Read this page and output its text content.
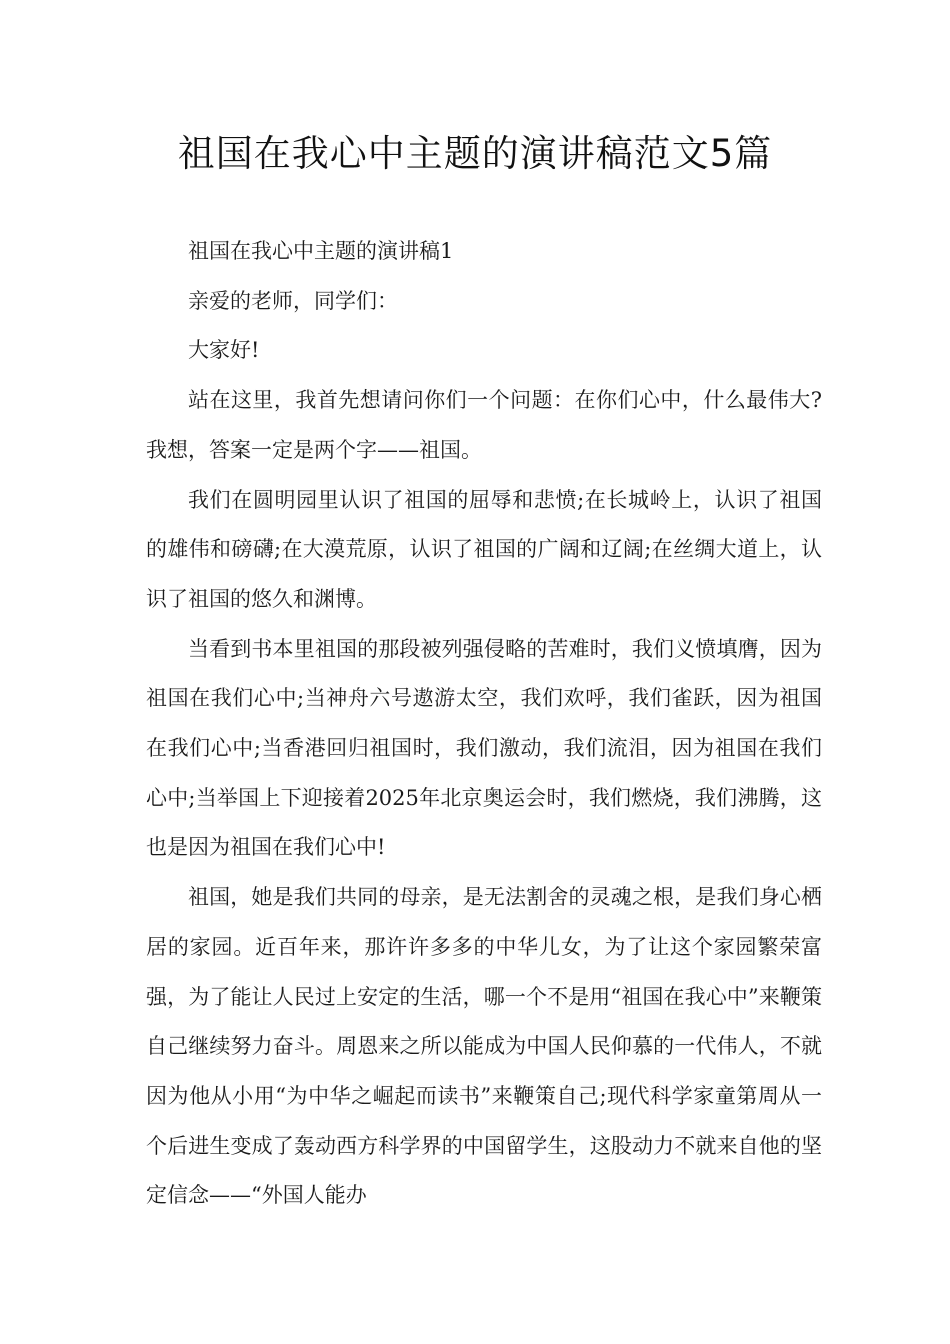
祖国在我心中主题的演讲稿范文5篇

祖国在我心中主题的演讲稿1

亲爱的老师，同学们：

大家好!

站在这里，我首先想请问你们一个问题：在你们心中，什么最伟大?我想，答案一定是两个字——祖国。

我们在圆明园里认识了祖国的屈辱和悲愤;在长城岭上，认识了祖国的雄伟和磅礴;在大漠荒原，认识了祖国的广阔和辽阔;在丝绸大道上，认识了祖国的悠久和渊博。

当看到书本里祖国的那段被列强侵略的苦难时，我们义愤填膺，因为祖国在我们心中;当神舟六号遨游太空，我们欢呼，我们雀跃，因为祖国在我们心中;当香港回归祖国时，我们激动，我们流泪，因为祖国在我们心中;当举国上下迎接着2025年北京奥运会时，我们燃烧，我们沸腾，这也是因为祖国在我们心中!

祖国，她是我们共同的母亲，是无法割舍的灵魂之根，是我们身心栖居的家园。近百年来，那许许多多的中华儿女，为了让这个家园繁荣富强，为了能让人民过上安定的生活，哪一个不是用“祖国在我心中”来鞭策自己继续努力奋斗。周恩来之所以能成为中国人民仰慕的一代伟人，不就因为他从小用“为中华之崛起而读书”来鞭策自己;现代科学家童第周从一个后进生变成了轰动西方科学界的中国留学生，这股动力不就来自他的坚定信念——“外国人能办
